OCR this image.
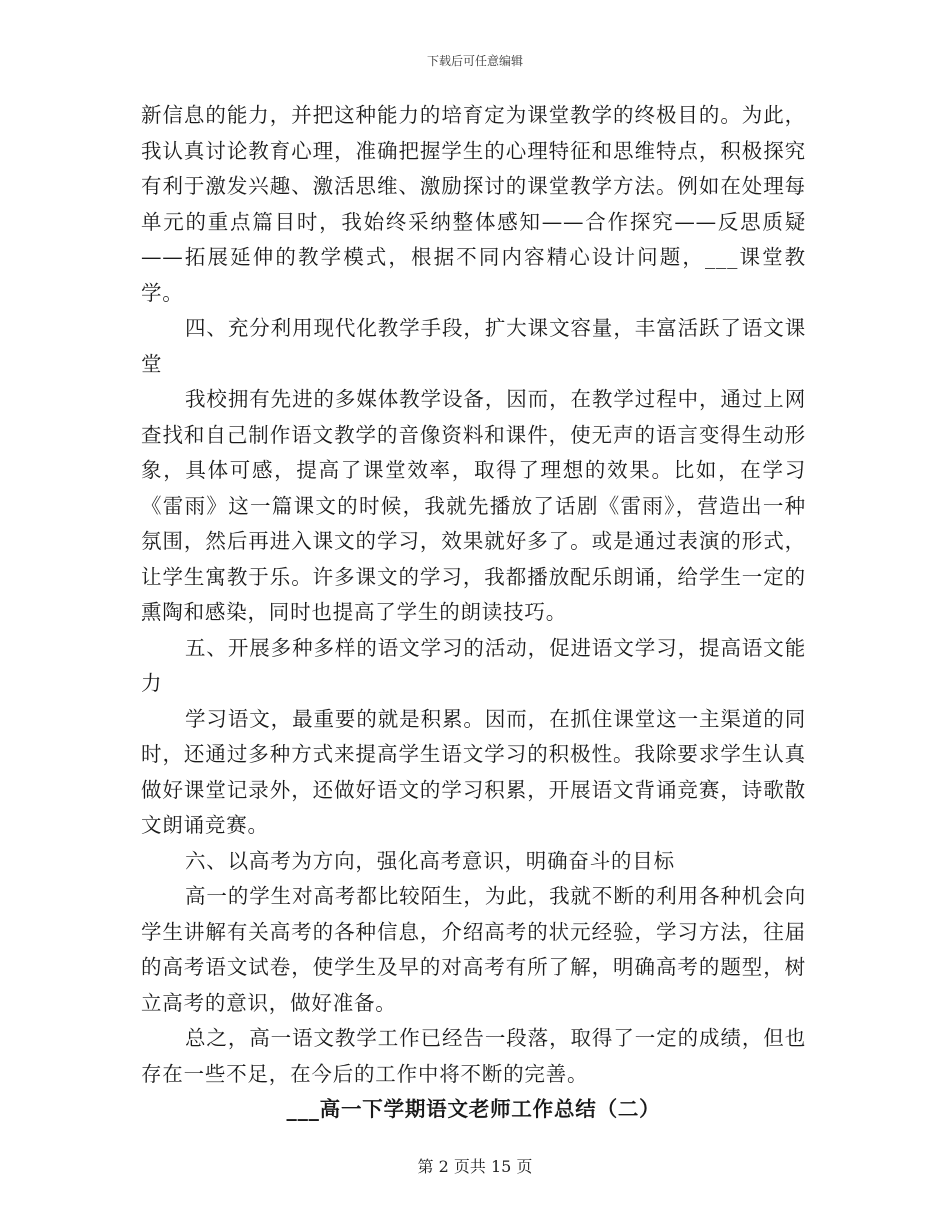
下载后可任意编辑

新信息的能力，并把这种能力的培育定为课堂教学的终极目的。为此，我认真讨论教育心理，准确把握学生的心理特征和思维特点，积极探究有利于激发兴趣、激活思维、激励探讨的课堂教学方法。例如在处理每单元的重点篇目时，我始终采纳整体感知——合作探究——反思质疑——拓展延伸的教学模式，根据不同内容精心设计问题，___课堂教学。

四、充分利用现代化教学手段，扩大课文容量，丰富活跃了语文课堂

我校拥有先进的多媒体教学设备，因而，在教学过程中，通过上网查找和自己制作语文教学的音像资料和课件，使无声的语言变得生动形象，具体可感，提高了课堂效率，取得了理想的效果。比如，在学习《雷雨》这一篇课文的时候，我就先播放了话剧《雷雨》，营造出一种氛围，然后再进入课文的学习，效果就好多了。或是通过表演的形式，让学生寓教于乐。许多课文的学习，我都播放配乐朗诵，给学生一定的熏陶和感染，同时也提高了学生的朗读技巧。

五、开展多种多样的语文学习的活动，促进语文学习，提高语文能力

学习语文，最重要的就是积累。因而，在抓住课堂这一主渠道的同时，还通过多种方式来提高学生语文学习的积极性。我除要求学生认真做好课堂记录外，还做好语文的学习积累，开展语文背诵竞赛，诗歌散文朗诵竞赛。

六、以高考为方向，强化高考意识，明确奋斗的目标

高一的学生对高考都比较陌生，为此，我就不断的利用各种机会向学生讲解有关高考的各种信息，介绍高考的状元经验，学习方法，往届的高考语文试卷，使学生及早的对高考有所了解，明确高考的题型，树立高考的意识，做好准备。

总之，高一语文教学工作已经告一段落，取得了一定的成绩，但也存在一些不足，在今后的工作中将不断的完善。

___高一下学期语文老师工作总结（二）

第 2 页共 15 页
